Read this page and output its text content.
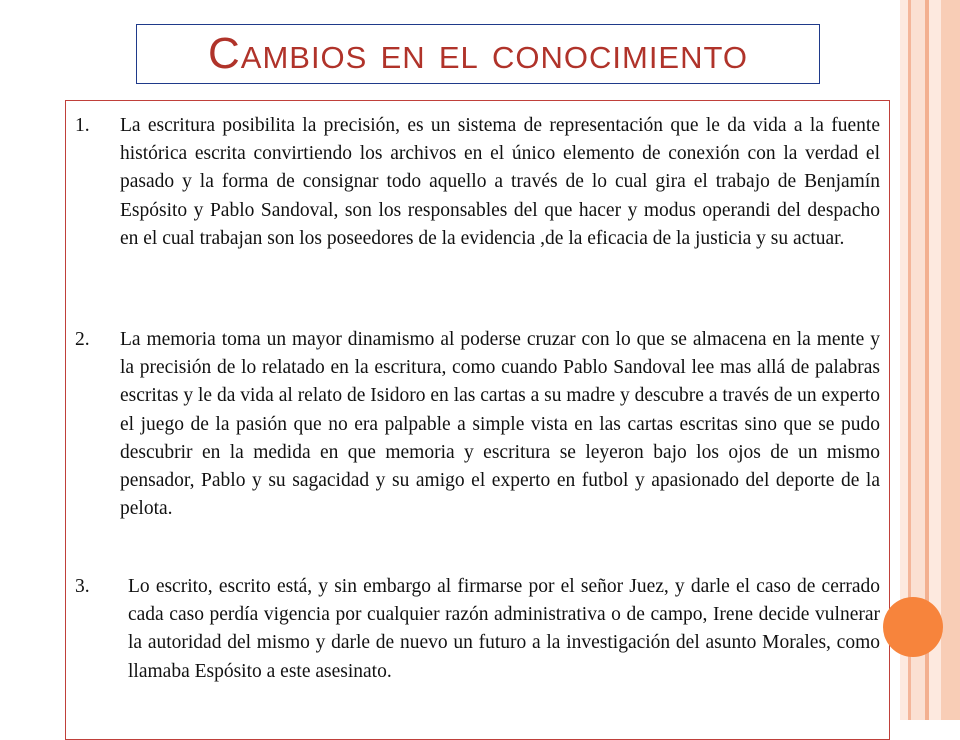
Cambios en el conocimiento
1.	La escritura posibilita la precisión, es un sistema de representación que le da vida a la fuente histórica escrita convirtiendo los archivos en el único elemento de conexión con la verdad el pasado y la forma de consignar todo aquello a través de lo cual gira el trabajo de Benjamín Espósito y Pablo Sandoval, son los responsables del que hacer y modus operandi del despacho en el cual trabajan son los poseedores de la evidencia ,de la eficacia de la justicia y su actuar.
2.	La memoria toma un mayor dinamismo al poderse cruzar con lo que se almacena en la mente y la precisión de lo relatado en la escritura, como cuando Pablo Sandoval lee mas allá de palabras escritas y le da vida al relato de Isidoro en las cartas a su madre y descubre a través de un experto el juego de la pasión que no era palpable a simple vista en las cartas escritas sino que se pudo descubrir en la medida en que memoria y escritura se leyeron bajo los ojos de un mismo pensador, Pablo y su sagacidad y su amigo el experto en futbol y apasionado del deporte de la pelota.
3.	Lo escrito, escrito está, y sin embargo al firmarse por el señor Juez, y darle el caso de cerrado cada caso perdía vigencia por cualquier razón administrativa o de campo, Irene decide vulnerar la autoridad del mismo y darle de nuevo un futuro a la investigación del asunto Morales, como llamaba Espósito a este asesinato.
